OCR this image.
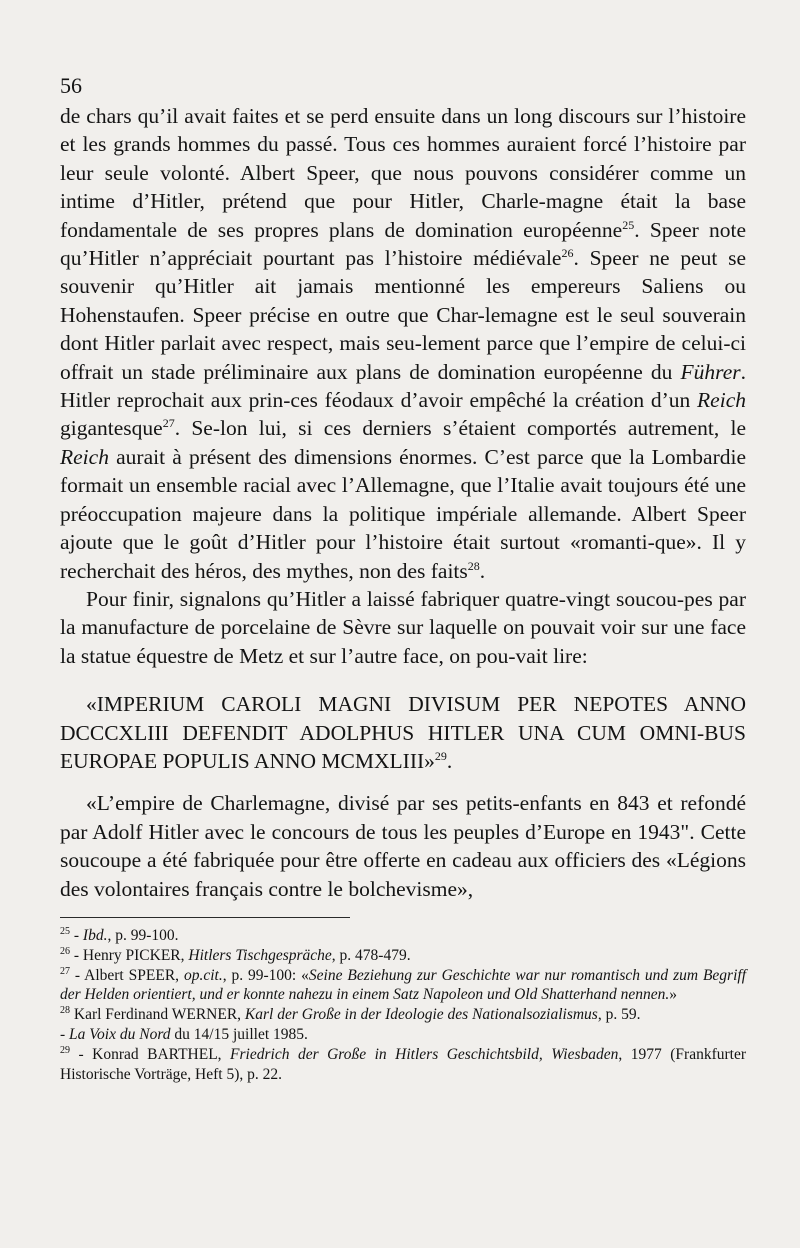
56

de chars qu’il avait faites et se perd ensuite dans un long discours sur l’histoire et les grands hommes du passé. Tous ces hommes auraient forcé l’histoire par leur seule volonté. Albert Speer, que nous pouvons considérer comme un intime d’Hitler, prétend que pour Hitler, Charle-magne était la base fondamentale de ses propres plans de domination européenne$^{25}$. Speer note qu’Hitler n’appréciait pourtant pas l’histoire médiévale$^{26}$. Speer ne peut se souvenir qu’Hitler ait jamais mentionné les empereurs Saliens ou Hohenstaufen. Speer précise en outre que Char-lemagne est le seul souverain dont Hitler parlait avec respect, mais seu-lement parce que l’empire de celui-ci offrait un stade préliminaire aux plans de domination européenne du Führer. Hitler reprochait aux prin-ces féodaux d’avoir empêché la création d’un Reich gigantesque$^{27}$. Se-lon lui, si ces derniers s’étaient comportés autrement, le Reich aurait à présent des dimensions énormes. C’est parce que la Lombardie formait un ensemble racial avec l’Allemagne, que l’Italie avait toujours été une préoccupation majeure dans la politique impériale allemande. Albert Speer ajoute que le goût d’Hitler pour l’histoire était surtout «romanti-que». Il y recherchait des héros, des mythes, non des faits$^{28}$.

Pour finir, signalons qu’Hitler a laissé fabriquer quatre-vingt soucou-pes par la manufacture de porcelaine de Sèvre sur laquelle on pouvait voir sur une face la statue équestre de Metz et sur l’autre face, on pou-vait lire:

«IMPERIUM CAROLI MAGNI DIVISUM PER NEPOTES ANNO DCCCXLIII DEFENDIT ADOLPHUS HITLER UNA CUM OMNI-BUS EUROPAE POPULIS ANNO MCMXLIII»$^{29}$.

«L’empire de Charlemagne, divisé par ses petits-enfants en 843 et refondé par Adolf Hitler avec le concours de tous les peuples d’Europe en 1943". Cette soucoupe a été fabriquée pour être offerte en cadeau aux officiers des «Légions des volontaires français contre le bolchevisme»,

$^{25}$ - Ibd., p. 99-100.

$^{26}$ - Henry PICKER, Hitlers Tischgespräche, p. 478-479.

$^{27}$ - Albert SPEER, op.cit., p. 99-100: «Seine Beziehung zur Geschichte war nur romantisch und zum Begriff der Helden orientiert, und er konnte nahezu in einem Satz Napoleon und Old Shatterhand nennen.»

$^{28}$ Karl Ferdinand WERNER, Karl der Große in der Ideologie des Nationalsozialismus, p. 59.

- La Voix du Nord du 14/15 juillet 1985.

$^{29}$ - Konrad BARTHEL, Friedrich der Große in Hitlers Geschichtsbild, Wiesbaden, 1977 (Frankfurter Historische Vorträge, Heft 5), p. 22.
